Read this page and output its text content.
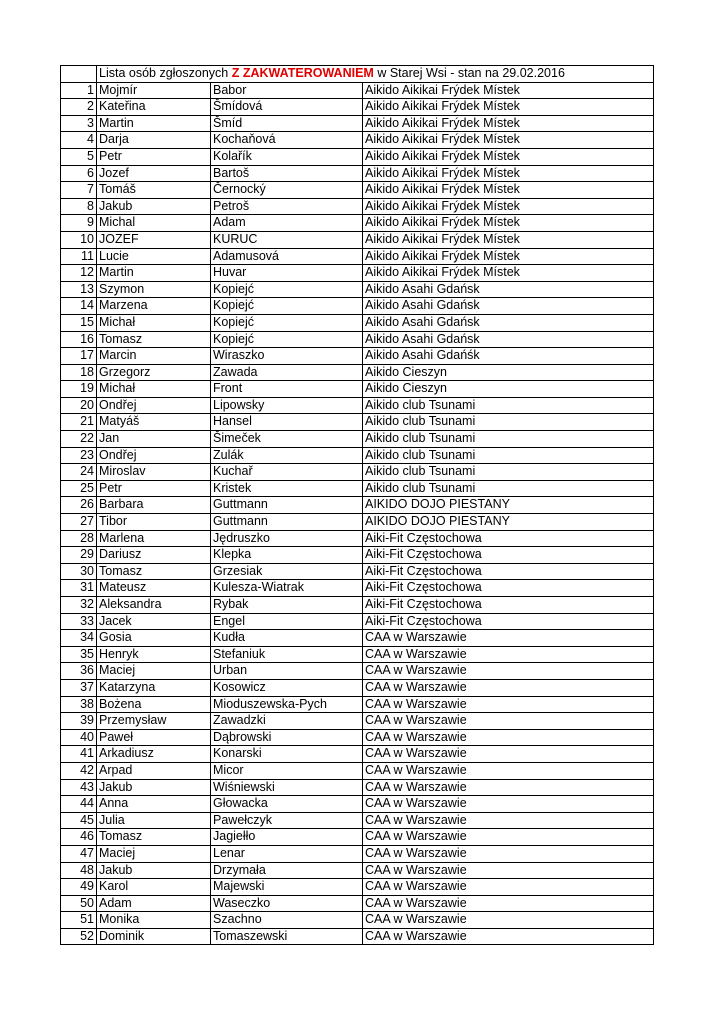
	Lista osób zgłoszonych Z ZAKWATEROWANIEM w Starej Wsi - stan na 29.02.2016		
1	Mojmír	Babor	Aikido Aikikai Frýdek Místek
2	Kateřina	Šmídová	Aikido Aikikai Frýdek Místek
3	Martin	Šmíd	Aikido Aikikai Frýdek Místek
4	Darja	Kochaňová	Aikido Aikikai Frýdek Místek
5	Petr	Kolařík	Aikido Aikikai Frýdek Místek
6	Jozef	Bartoš	Aikido Aikikai Frýdek Místek
7	Tomáš	Černocký	Aikido Aikikai Frýdek Místek
8	Jakub	Petroš	Aikido Aikikai Frýdek Místek
9	Michal	Adam	Aikido Aikikai Frýdek Místek
10	JOZEF	KURUC	Aikido Aikikai Frýdek Místek
11	Lucie	Adamusová	Aikido Aikikai Frýdek Místek
12	Martin	Huvar	Aikido Aikikai Frýdek Místek
13	Szymon	Kopiejć	Aikido Asahi Gdańsk
14	Marzena	Kopiejć	Aikido Asahi Gdańsk
15	Michał	Kopiejć	Aikido Asahi Gdańsk
16	Tomasz	Kopiejć	Aikido Asahi Gdańsk
17	Marcin	Wiraszko	Aikido Asahi Gdańśk
18	Grzegorz	Zawada	Aikido Cieszyn
19	Michał	Front	Aikido Cieszyn
20	Ondřej	Lipowsky	Aikido club Tsunami
21	Matyáš	Hansel	Aikido club Tsunami
22	Jan	Šimeček	Aikido club Tsunami
23	Ondřej	Zulák	Aikido club Tsunami
24	Miroslav	Kuchař	Aikido club Tsunami
25	Petr	Kristek	Aikido club Tsunami
26	Barbara	Guttmann	AIKIDO DOJO PIESTANY
27	Tibor	Guttmann	AIKIDO DOJO PIESTANY
28	Marlena	Jędruszko	Aiki-Fit Częstochowa
29	Dariusz	Klepka	Aiki-Fit Częstochowa
30	Tomasz	Grzesiak	Aiki-Fit Częstochowa
31	Mateusz	Kulesza-Wiatrak	Aiki-Fit Częstochowa
32	Aleksandra	Rybak	Aiki-Fit Częstochowa
33	Jacek	Engel	Aiki-Fit Częstochowa
34	Gosia	Kudła	CAA w Warszawie
35	Henryk	Stefaniuk	CAA w Warszawie
36	Maciej	Urban	CAA w Warszawie
37	Katarzyna	Kosowicz	CAA w Warszawie
38	Bożena	Mioduszewska-Pych	CAA w Warszawie
39	Przemysław	Zawadzki	CAA w Warszawie
40	Paweł	Dąbrowski	CAA w Warszawie
41	Arkadiusz	Konarski	CAA w Warszawie
42	Arpad	Micor	CAA w Warszawie
43	Jakub	Wiśniewski	CAA w Warszawie
44	Anna	Głowacka	CAA w Warszawie
45	Julia	Pawełczyk	CAA w Warszawie
46	Tomasz	Jagiełło	CAA w Warszawie
47	Maciej	Lenar	CAA w Warszawie
48	Jakub	Drzymała	CAA w Warszawie
49	Karol	Majewski	CAA w Warszawie
50	Adam	Waseczko	CAA w Warszawie
51	Monika	Szachno	CAA w Warszawie
52	Dominik	Tomaszewski	CAA w Warszawie
